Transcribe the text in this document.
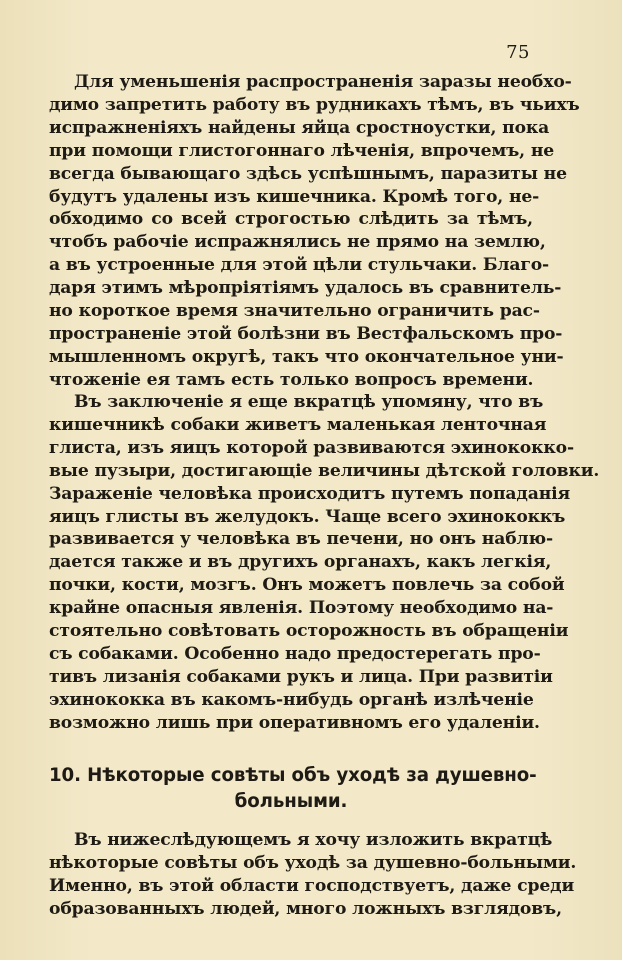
75
Для уменьшенія распространенія заразы необхо-
димо запретить работу въ рудникахъ тѣмъ, въ чьихъ
испражненіяхъ найдены яйца сростноустки, пока
при помощи глистогоннаго лѣченія, впрочемъ, не
всегда бывающаго здѣсь успѣшнымъ, паразиты не
будутъ удалены изъ кишечника. Кромѣ того, не-
обходимо со всей строгостью слѣдить за тѣмъ,
чтобъ рабочіе испражнялись не прямо на землю,
а въ устроенные для этой цѣли стульчаки. Благо-
даря этимъ мѣропріятіямъ удалось въ сравнитель-
но короткое время значительно ограничить рас-
пространеніе этой болѣзни въ Вестфальскомъ про-
мышленномъ округѣ, такъ что окончательное уни-
чтоженіе ея тамъ есть только вопросъ времени.
Въ заключеніе я еще вкратцѣ упомяну, что въ
кишечникѣ собаки живетъ маленькая ленточная
глиста, изъ яицъ которой развиваются эхинококко-
вые пузыри, достигающіе величины дѣтской головки.
Зараженіе человѣка происходитъ путемъ попаданія
яицъ глисты въ желудокъ. Чаще всего эхинококкъ
развивается у человѣка въ печени, но онъ наблю-
дается также и въ другихъ органахъ, какъ легкія,
почки, кости, мозгъ. Онъ можетъ повлечь за собой
крайне опасныя явленія. Поэтому необходимо на-
стоятельно совѣтовать осторожность въ обращеніи
съ собаками. Особенно надо предостерегать про-
тивъ лизанія собаками рукъ и лица. При развитіи
эхинококка въ какомъ-нибудь органѣ излѣченіе
возможно лишь при оперативномъ его удаленіи.
10. Нѣкоторые совѣты объ уходѣ за душевно-
больными.
Въ нижеслѣдующемъ я хочу изложить вкратцѣ
нѣкоторые совѣты объ уходѣ за душевно-больными.
Именно, въ этой области господствуетъ, даже среди
образованныхъ людей, много ложныхъ взглядовъ,
